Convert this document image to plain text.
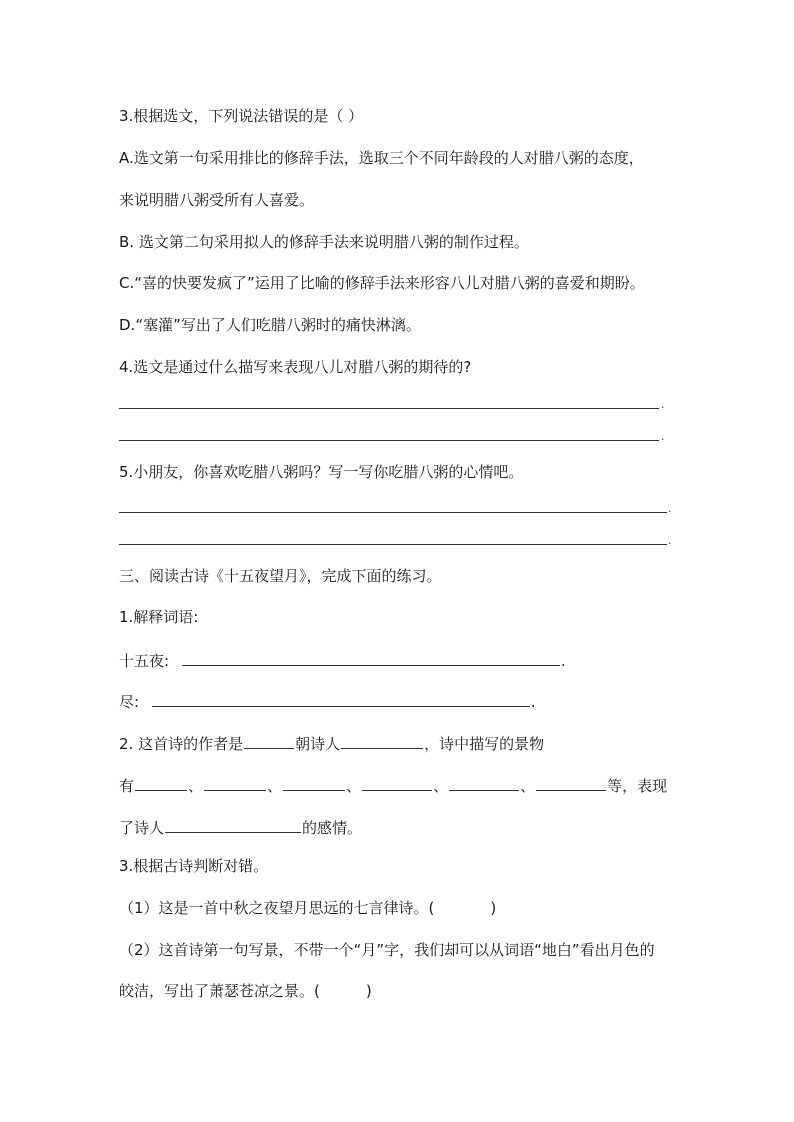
3.根据选文，下列说法错误的是（ ）
A.选文第一句采用排比的修辞手法，选取三个不同年龄段的人对腊八粥的态度，
来说明腊八粥受所有人喜爱。
B. 选文第二句采用拟人的修辞手法来说明腊八粥的制作过程。
C.“喜的快要发疯了”运用了比喻的修辞手法来形容八儿对腊八粥的喜爱和期盼。
D.“塞灌”写出了人们吃腊八粥时的痛快淋漓。
4.选文是通过什么描写来表现八儿对腊八粥的期待的?
.
.
5.小朋友，你喜欢吃腊八粥吗？写一写你吃腊八粥的心情吧。
.
.
三、阅读古诗《十五夜望月》，完成下面的练习。
1.解释词语:
十五夜:	.
尽:	.
2. 这首诗的作者是	朝诗人	，诗中描写的景物
有	、	、	、	、	、	等，表现
了诗人	的感情。
3.根据古诗判断对错。
（1）这是一首中秋之夜望月思远的七言律诗。(	)
（2）这首诗第一句写景，不带一个“月”字，我们却可以从词语“地白”看出月色的
皎洁，写出了萧瑟苍凉之景。(	)
